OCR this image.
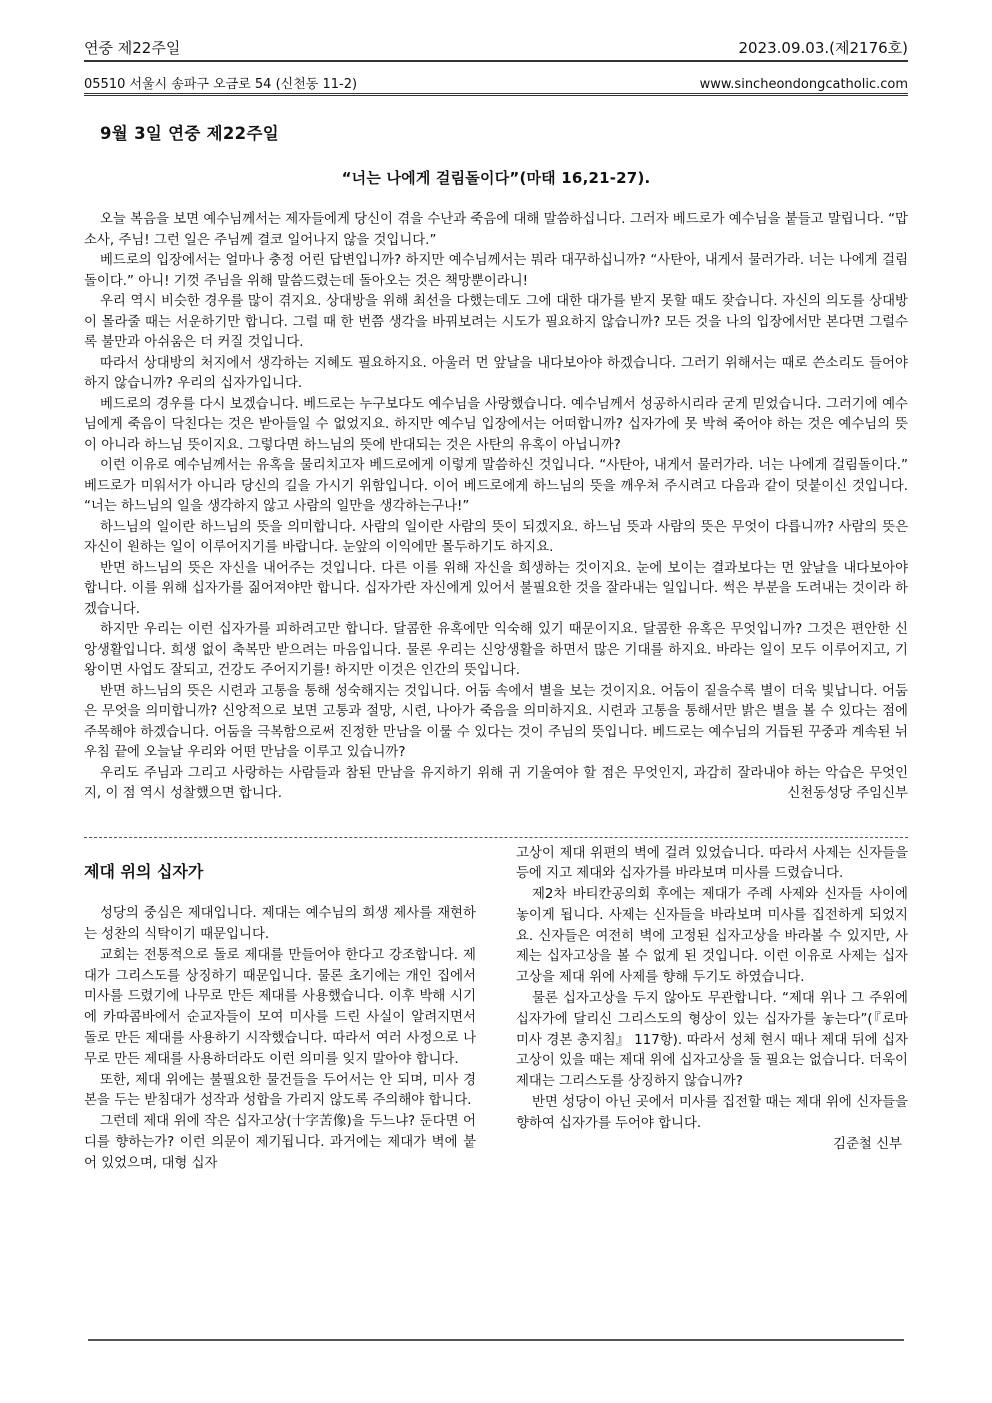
연중 제22주일	2023.09.03.(제2176호)
05510 서울시 송파구 오금로 54 (신천동 11-2)	www.sincheondongcatholic.com
9월 3일 연중 제22주일
“너는 나에게 걸림돌이다”(마태 16,21-27).

오늘 복음을 보면 예수님께서는 제자들에게 당신이 겪을 수난과 죽음에 대해 말씀하십니다. 그러자 베드로가 예수님을 붙들고 말립니다. “맙소사, 주님! 그런 일은 주님께 결코 일어나지 않을 것입니다.”

베드로의 입장에서는 얼마나 충정 어린 답변입니까? 하지만 예수님께서는 뭐라 대꾸하십니까? “사탄아, 내게서 물러가라. 너는 나에게 걸림돌이다.” 아니! 기껏 주님을 위해 말씀드렸는데 돌아오는 것은 책망뿐이라니!

우리 역시 비슷한 경우를 많이 겪지요. 상대방을 위해 최선을 다했는데도 그에 대한 대가를 받지 못할 때도 잦습니다. 자신의 의도를 상대방이 몰라줄 때는 서운하기만 합니다. 그럴 때 한 번쯤 생각을 바꿔보려는 시도가 필요하지 않습니까? 모든 것을 나의 입장에서만 본다면 그럴수록 불만과 아쉬움은 더 커질 것입니다.

따라서 상대방의 처지에서 생각하는 지혜도 필요하지요. 아울러 먼 앞날을 내다보아야 하겠습니다. 그러기 위해서는 때로 쓴소리도 들어야 하지 않습니까? 우리의 십자가입니다.

베드로의 경우를 다시 보겠습니다. 베드로는 누구보다도 예수님을 사랑했습니다. 예수님께서 성공하시리라 굳게 믿었습니다. 그러기에 예수님에게 죽음이 닥친다는 것은 받아들일 수 없었지요. 하지만 예수님 입장에서는 어떠합니까? 십자가에 못 박혀 죽어야 하는 것은 예수님의 뜻이 아니라 하느님 뜻이지요. 그렇다면 하느님의 뜻에 반대되는 것은 사탄의 유혹이 아닙니까?

이런 이유로 예수님께서는 유혹을 물리치고자 베드로에게 이렇게 말씀하신 것입니다. “사탄아, 내게서 물러가라. 너는 나에게 걸림돌이다.” 베드로가 미워서가 아니라 당신의 길을 가시기 위함입니다. 이어 베드로에게 하느님의 뜻을 깨우쳐 주시려고 다음과 같이 덧붙이신 것입니다. “너는 하느님의 일을 생각하지 않고 사람의 일만을 생각하는구나!”

하느님의 일이란 하느님의 뜻을 의미합니다. 사람의 일이란 사람의 뜻이 되겠지요. 하느님 뜻과 사람의 뜻은 무엇이 다릅니까? 사람의 뜻은 자신이 원하는 일이 이루어지기를 바랍니다. 눈앞의 이익에만 몰두하기도 하지요.

반면 하느님의 뜻은 자신을 내어주는 것입니다. 다른 이를 위해 자신을 희생하는 것이지요. 눈에 보이는 결과보다는 먼 앞날을 내다보아야 합니다. 이를 위해 십자가를 짊어져야만 합니다. 십자가란 자신에게 있어서 불필요한 것을 잘라내는 일입니다. 썩은 부분을 도려내는 것이라 하겠습니다.

하지만 우리는 이런 십자가를 피하려고만 합니다. 달콤한 유혹에만 익숙해 있기 때문이지요. 달콤한 유혹은 무엇입니까? 그것은 편안한 신앙생활입니다. 희생 없이 축복만 받으려는 마음입니다. 물론 우리는 신앙생활을 하면서 많은 기대를 하지요. 바라는 일이 모두 이루어지고, 기왕이면 사업도 잘되고, 건강도 주어지기를! 하지만 이것은 인간의 뜻입니다.

반면 하느님의 뜻은 시련과 고통을 통해 성숙해지는 것입니다. 어둠 속에서 별을 보는 것이지요. 어둠이 짙을수록 별이 더욱 빛납니다. 어둠은 무엇을 의미합니까? 신앙적으로 보면 고통과 절망, 시련, 나아가 죽음을 의미하지요. 시련과 고통을 통해서만 밝은 별을 볼 수 있다는 점에 주목해야 하겠습니다. 어둠을 극복함으로써 진정한 만남을 이룰 수 있다는 것이 주님의 뜻입니다. 베드로는 예수님의 거듭된 꾸중과 계속된 뉘우침 끝에 오늘날 우리와 어떤 만남을 이루고 있습니까?

우리도 주님과 그리고 사랑하는 사람들과 참된 만남을 유지하기 위해 귀 기울여야 할 점은 무엇인지, 과감히 잘라내야 하는 악습은 무엇인지, 이 점 역시 성찰했으면 합니다.	신천동성당 주임신부

제대 위의 십자가

성당의 중심은 제대입니다. 제대는 예수님의 희생 제사를 재현하는 성찬의 식탁이기 때문입니다.

교회는 전통적으로 돌로 제대를 만들어야 한다고 강조합니다. 제대가 그리스도를 상징하기 때문입니다. 물론 초기에는 개인 집에서 미사를 드렸기에 나무로 만든 제대를 사용했습니다. 이후 박해 시기에 카따콤바에서 순교자들이 모여 미사를 드린 사실이 알려지면서 돌로 만든 제대를 사용하기 시작했습니다. 따라서 여러 사정으로 나무로 만든 제대를 사용하더라도 이런 의미를 잊지 말아야 합니다.

또한, 제대 위에는 불필요한 물건들을 두어서는 안 되며, 미사 경본을 두는 받침대가 성작과 성합을 가리지 않도록 주의해야 합니다.

그런데 제대 위에 작은 십자고상(十字苦像)을 두느냐? 둔다면 어디를 향하는가? 이런 의문이 제기됩니다. 과거에는 제대가 벽에 붙어 있었으며, 대형 십자

고상이 제대 위편의 벽에 걸려 있었습니다. 따라서 사제는 신자들을 등에 지고 제대와 십자가를 바라보며 미사를 드렸습니다.

제2차 바티칸공의회 후에는 제대가 주례 사제와 신자들 사이에 놓이게 됩니다. 사제는 신자들을 바라보며 미사를 집전하게 되었지요. 신자들은 여전히 벽에 고정된 십자고상을 바라볼 수 있지만, 사제는 십자고상을 볼 수 없게 된 것입니다. 이런 이유로 사제는 십자고상을 제대 위에 사제를 향해 두기도 하였습니다.

물론 십자고상을 두지 않아도 무관합니다. “제대 위나 그 주위에 십자가에 달리신 그리스도의 형상이 있는 십자가를 놓는다”(『로마 미사 경본 총지침』 117항). 따라서 성체 현시 때나 제대 뒤에 십자고상이 있을 때는 제대 위에 십자고상을 둘 필요는 없습니다. 더욱이 제대는 그리스도를 상징하지 않습니까?

반면 성당이 아닌 곳에서 미사를 집전할 때는 제대 위에 신자들을 향하여 십자가를 두어야 합니다.

김준철 신부
